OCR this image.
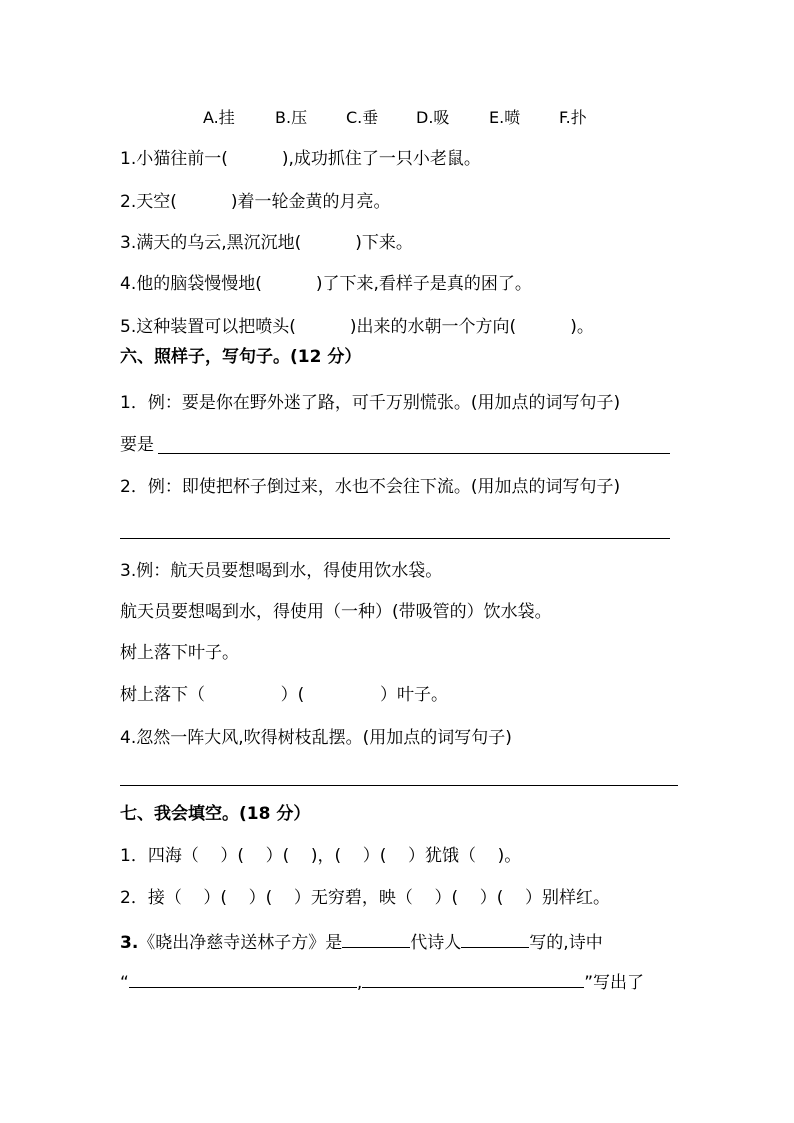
A.挂	B.压 C.垂 D.吸 E.喷 F.扑
1.小猫往前一(          ),成功抓住了一只小老鼠。
2.天空(          )着一轮金黄的月亮。
3.满天的乌云,黑沉沉地(          )下来。
4.他的脑袋慢慢地(          )了下来,看样子是真的困了。
5.这种装置可以把喷头(          )出来的水朝一个方向(          )。
六、照样子，写句子。(12 分）
1．例：要是你在野外迷了路，可千万别慌张。(用加点的词写句子)
要是
2．例：即使把杯子倒过来，水也不会往下流。(用加点的词写句子)
3.例：航天员要想喝到水，得使用饮水袋。
航天员要想喝到水，得使用（一种）(带吸管的）饮水袋。
树上落下叶子。
树上落下（              ）(              ）叶子。
4.忽然一阵大风,吹得树枝乱摆。(用加点的词写句子)
七、我会填空。(18 分）
1．四海（    ）(    ）(    )，(    ）(    ）犹饿（    )。
2．接（    ）(    ）(    ）无穷碧，映（    ）(    ）(    ）别样红。
3.《晓出净慈寺送林子方》是	代诗人	写的,诗中
“	,	”写出了
